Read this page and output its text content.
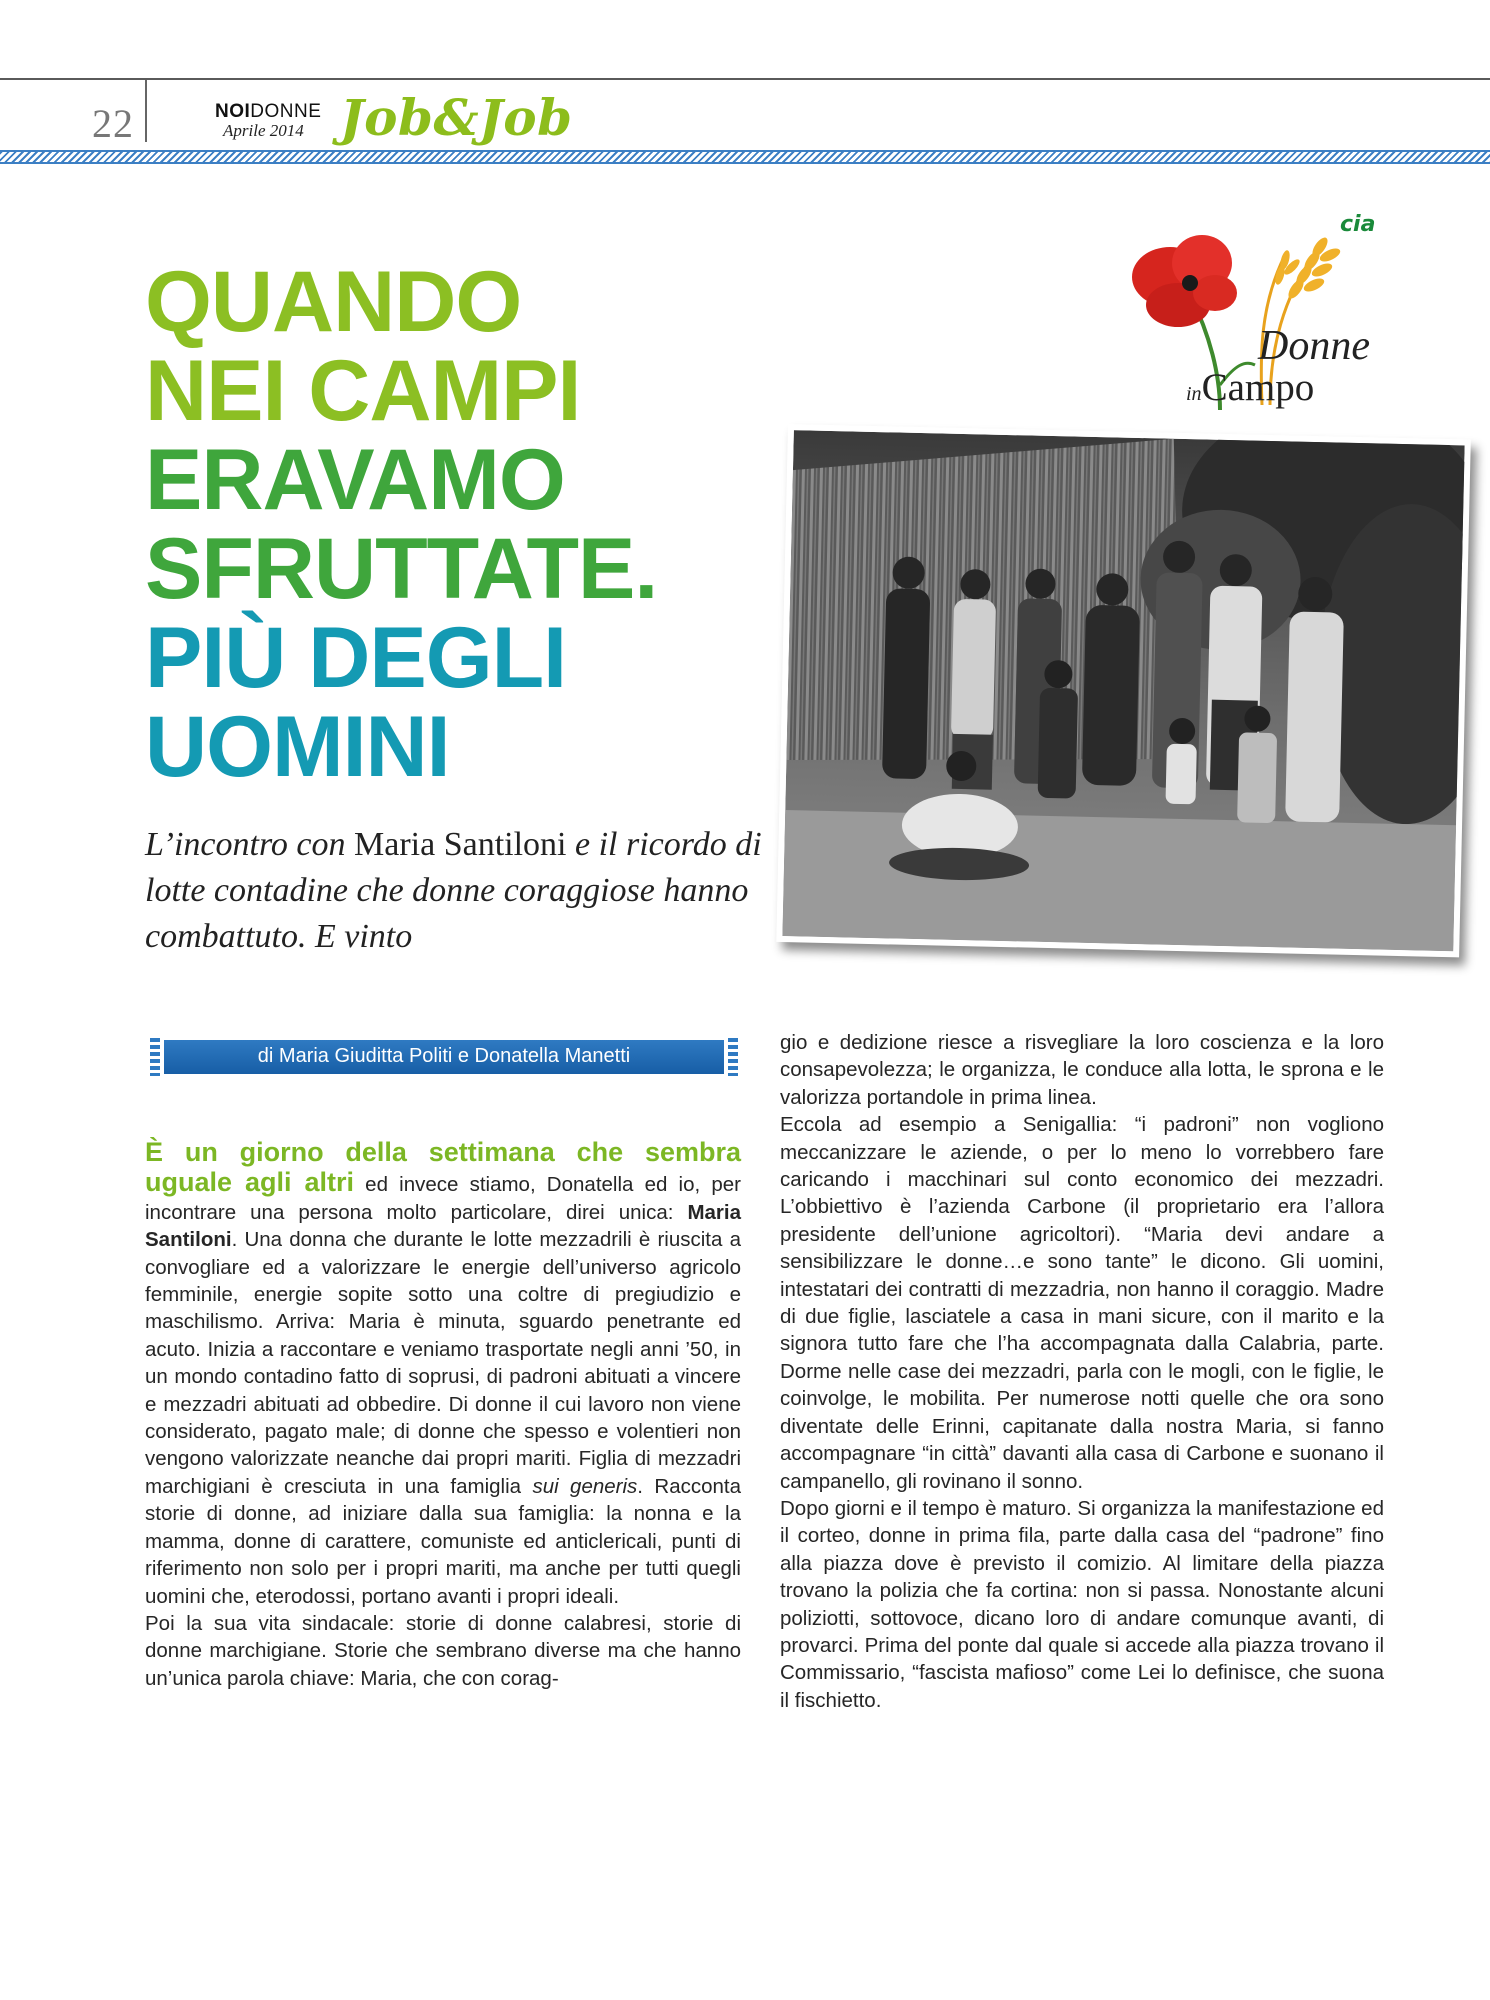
22	NOIDONNE
Aprile 2014 Job&Job
QUANDO
NEI CAMPI
ERAVAMO
SFRUTTATE.
PIÙ DEGLI
UOMINI

L’incontro con Maria Santiloni e il ricordo di lotte contadine che donne coraggiose hanno combattuto. E vinto

cia
Donne
inCampo
di Maria Giuditta Politi e Donatella Manetti

È un giorno della settimana che sembra uguale agli altri ed invece stiamo, Donatella ed io, per incontrare una persona molto particolare, direi unica: Maria Santiloni. Una donna che durante le lotte mezzadrili è riuscita a convogliare ed a valorizzare le energie dell’universo agricolo femminile, energie sopite sotto una coltre di pregiudizio e maschilismo. Arriva: Maria è minuta, sguardo penetrante ed acuto. Inizia a raccontare e veniamo trasportate negli anni ’50, in un mondo contadino fatto di soprusi, di padroni abituati a vincere e mezzadri abituati ad obbedire. Di donne il cui lavoro non viene considerato, pagato male; di donne che spesso e volentieri non vengono valorizzate neanche dai propri mariti. Figlia di mezzadri marchigiani è cresciuta in una famiglia sui generis. Racconta storie di donne, ad iniziare dalla sua famiglia: la nonna e la mamma, donne di carattere, comuniste ed anticlericali, punti di riferimento non solo per i propri mariti, ma anche per tutti quegli uomini che, eterodossi, portano avanti i propri ideali.

Poi la sua vita sindacale: storie di donne calabresi, storie di donne marchigiane. Storie che sembrano diverse ma che hanno un’unica parola chiave: Maria, che con corag-

gio e dedizione riesce a risvegliare la loro coscienza e la loro consapevolezza; le organizza, le conduce alla lotta, le sprona e le valorizza portandole in prima linea.

Eccola ad esempio a Senigallia: “i padroni” non vogliono meccanizzare le aziende, o per lo meno lo vorrebbero fare caricando i macchinari sul conto economico dei mezzadri. L’obbiettivo è l’azienda Carbone (il proprietario era l’allora presidente dell’unione agricoltori). “Maria devi andare a sensibilizzare le donne…e sono tante” le dicono. Gli uomini, intestatari dei contratti di mezzadria, non hanno il coraggio. Madre di due figlie, lasciatele a casa in mani sicure, con il marito e la signora tutto fare che l’ha accompagnata dalla Calabria, parte. Dorme nelle case dei mezzadri, parla con le mogli, con le figlie, le coinvolge, le mobilita. Per numerose notti quelle che ora sono diventate delle Erinni, capitanate dalla nostra Maria, si fanno accompagnare “in città” davanti alla casa di Carbone e suonano il campanello, gli rovinano il sonno.

Dopo giorni e il tempo è maturo. Si organizza la manifestazione ed il corteo, donne in prima fila, parte dalla casa del “padrone” fino alla piazza dove è previsto il comizio. Al limitare della piazza trovano la polizia che fa cortina: non si passa. Nonostante alcuni poliziotti, sottovoce, dicano loro di andare comunque avanti, di provarci. Prima del ponte dal quale si accede alla piazza trovano il Commissario, “fascista mafioso” come Lei lo definisce, che suona il fischietto.
